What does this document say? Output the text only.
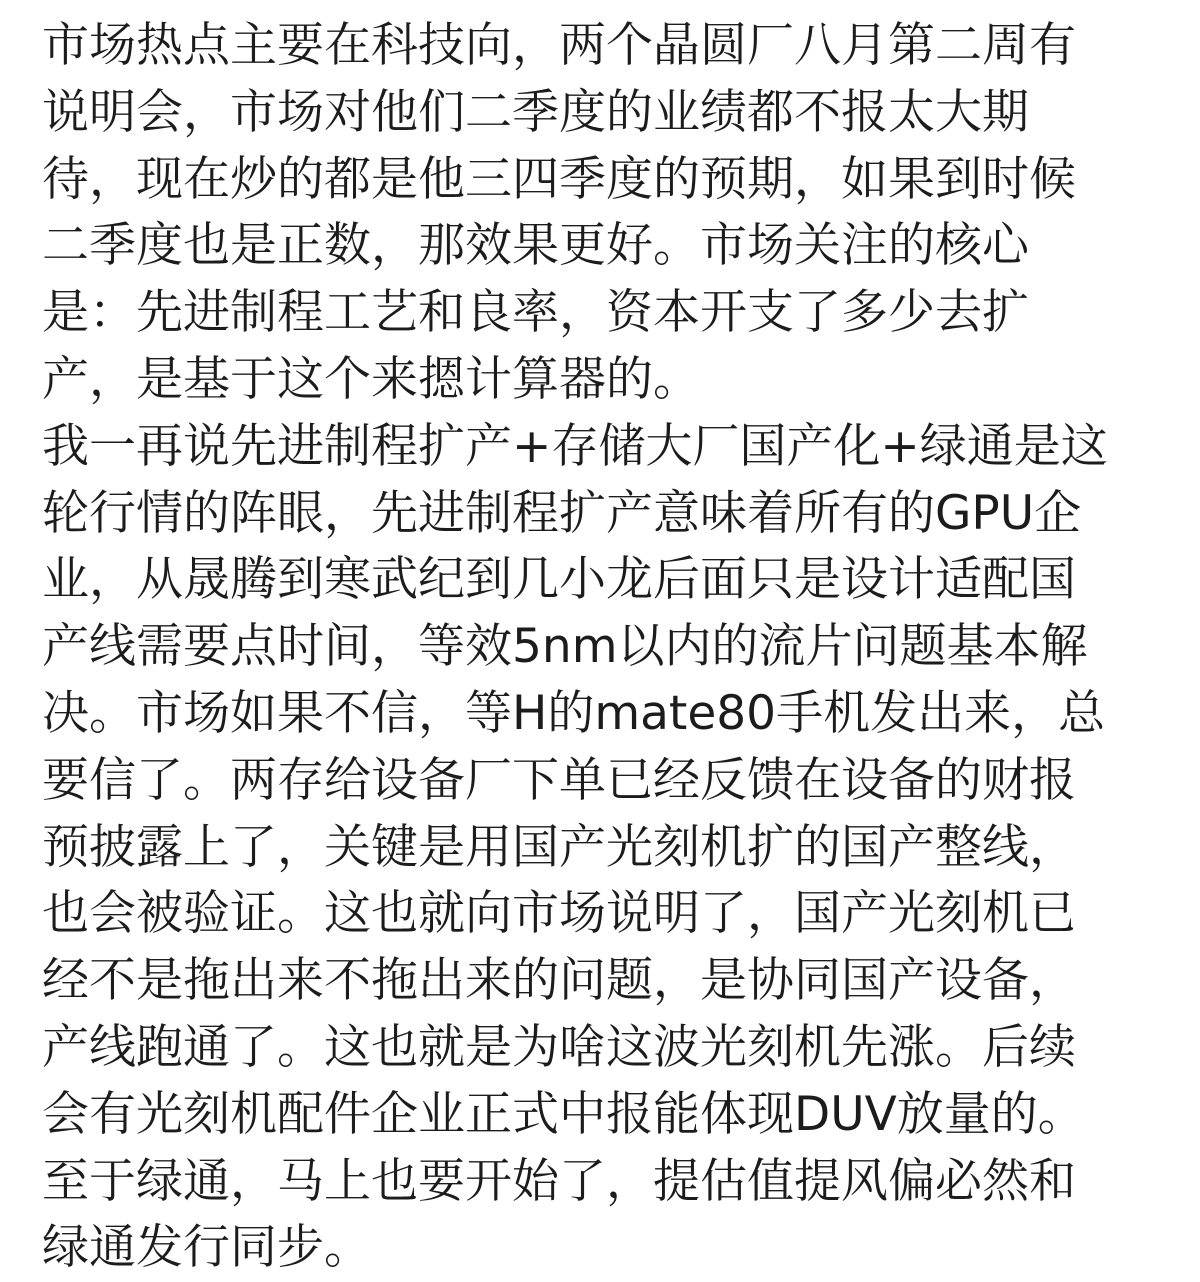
市场热点主要在科技向，两个晶圆厂八月第二周有
说明会，市场对他们二季度的业绩都不报太大期
待，现在炒的都是他三四季度的预期，如果到时候
二季度也是正数，那效果更好。市场关注的核心
是：先进制程工艺和良率，资本开支了多少去扩
产，是基于这个来摁计算器的。
我一再说先进制程扩产+存储大厂国产化+绿通是这
轮行情的阵眼，先进制程扩产意味着所有的GPU企
业，从晟腾到寒武纪到几小龙后面只是设计适配国
产线需要点时间，等效5nm以内的流片问题基本解
决。市场如果不信，等H的mate80手机发出来，总
要信了。两存给设备厂下单已经反馈在设备的财报
预披露上了，关键是用国产光刻机扩的国产整线，
也会被验证。这也就向市场说明了，国产光刻机已
经不是拖出来不拖出来的问题，是协同国产设备，
产线跑通了。这也就是为啥这波光刻机先涨。后续
会有光刻机配件企业正式中报能体现DUV放量的。
至于绿通，马上也要开始了，提估值提风偏必然和
绿通发行同步。
